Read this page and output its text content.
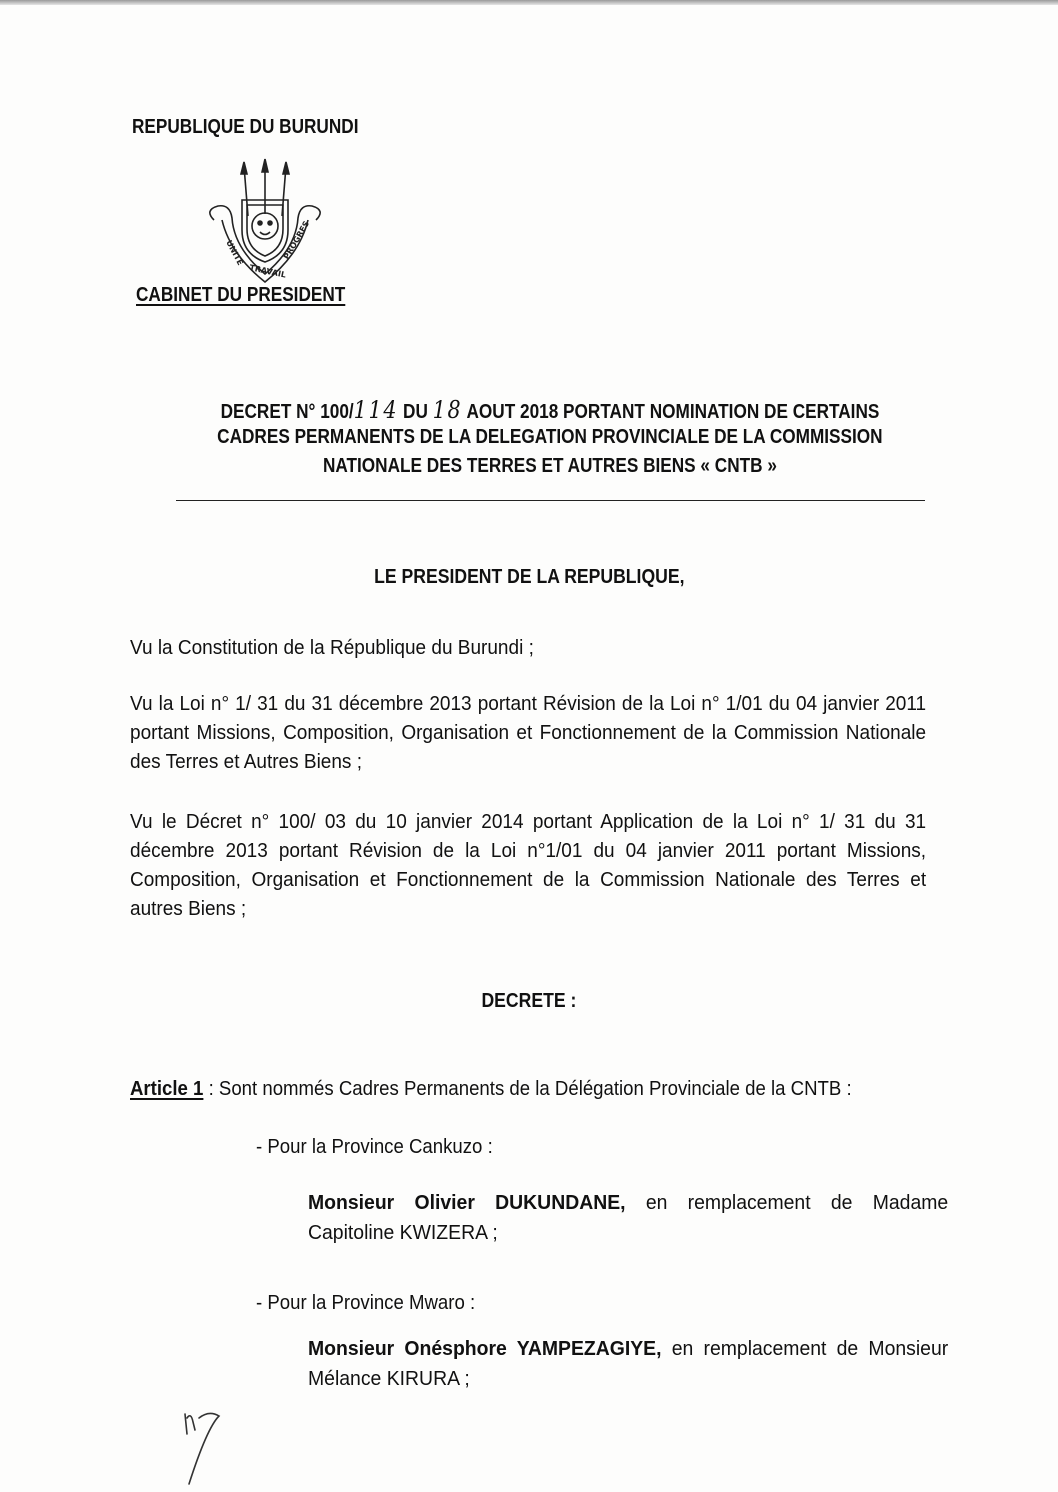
REPUBLIQUE DU BURUNDI
UNITE
TRAVAIL
PROGRES
CABINET DU PRESIDENT
DECRET N° 100/114 DU 18 AOUT 2018 PORTANT NOMINATION DE CERTAINS
CADRES PERMANENTS DE LA DELEGATION PROVINCIALE DE LA COMMISSION
NATIONALE DES TERRES ET AUTRES BIENS « CNTB »
LE PRESIDENT DE LA REPUBLIQUE,
Vu la Constitution de la République du Burundi ;
Vu la Loi n° 1/ 31 du 31 décembre 2013 portant Révision de la Loi n° 1/01 du 04 janvier 2011 portant Missions, Composition, Organisation et Fonctionnement de la Commission Nationale des Terres et Autres Biens ;
Vu le Décret n° 100/ 03 du 10 janvier 2014 portant Application de la Loi n° 1/ 31 du 31 décembre 2013 portant Révision de la Loi n°1/01 du 04 janvier 2011 portant Missions, Composition, Organisation et Fonctionnement de la Commission Nationale des Terres et autres Biens ;
DECRETE :
Article 1 : Sont nommés Cadres Permanents de la Délégation Provinciale de la CNTB :
- Pour la Province Cankuzo :
Monsieur Olivier DUKUNDANE, en remplacement de Madame Capitoline KWIZERA ;
- Pour la Province Mwaro :
Monsieur Onésphore YAMPEZAGIYE, en remplacement de Monsieur Mélance KIRURA ;
